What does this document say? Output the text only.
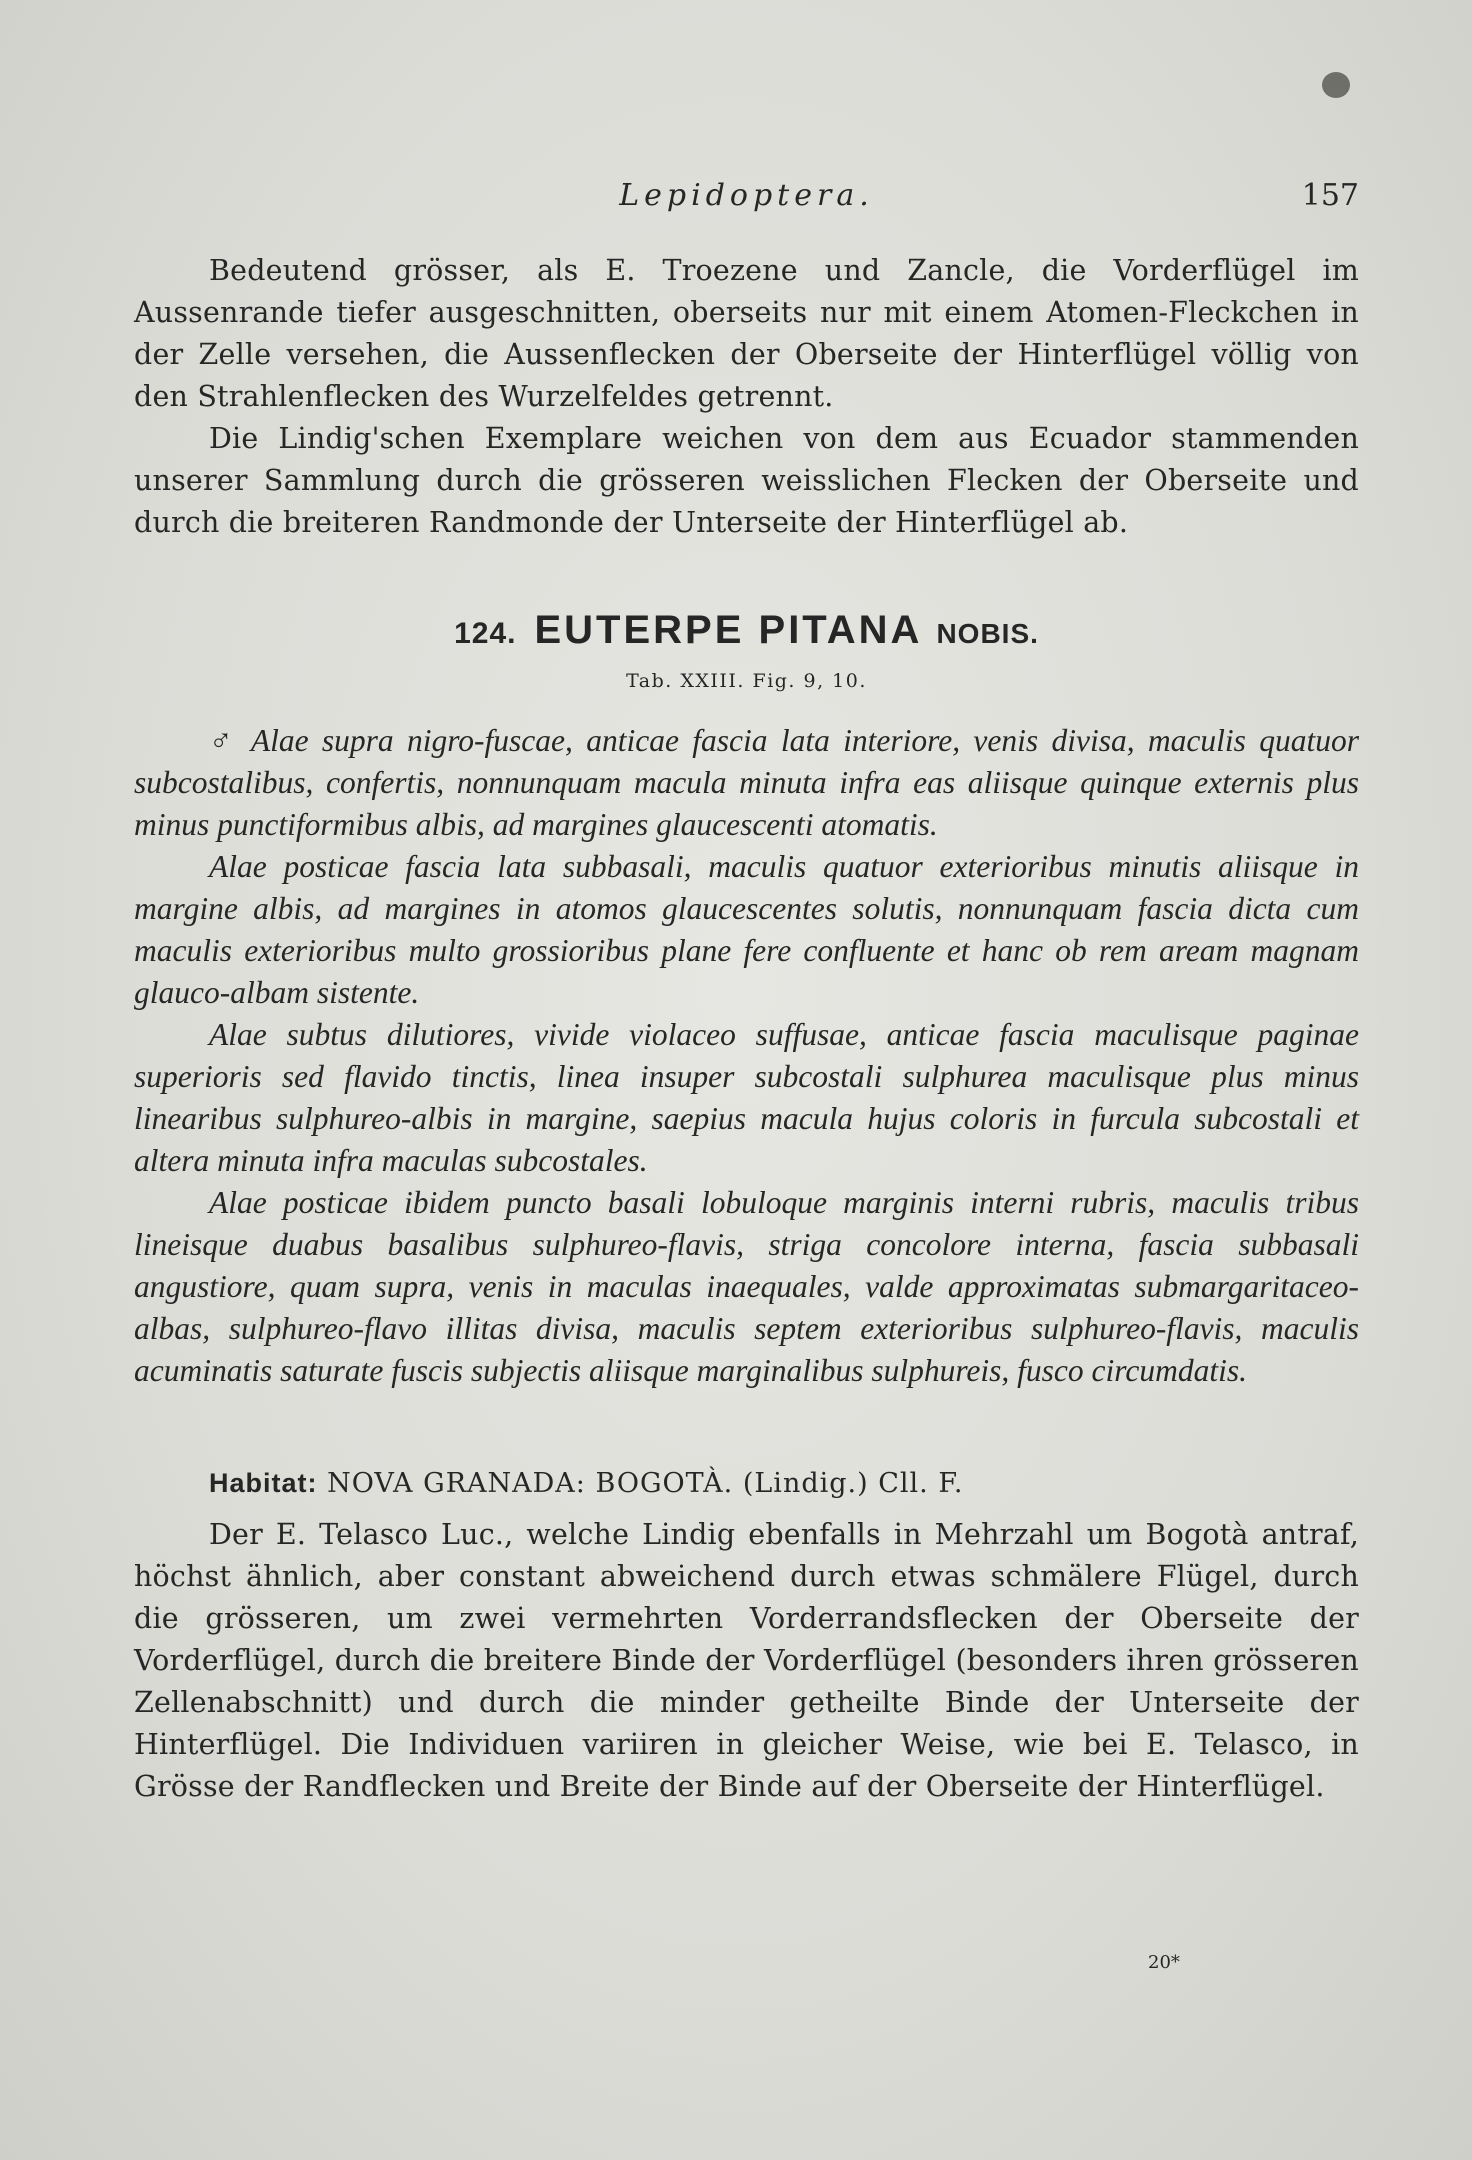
Lepidoptera.	157

Bedeutend grösser, als E. Troezene und Zancle, die Vorderflügel im Aussenrande tiefer ausgeschnitten, oberseits nur mit einem Atomen-Fleckchen in der Zelle versehen, die Aussenflecken der Oberseite der Hinterflügel völlig von den Strahlenflecken des Wurzelfeldes getrennt.

Die Lindig'schen Exemplare weichen von dem aus Ecuador stammenden unserer Sammlung durch die grösseren weisslichen Flecken der Oberseite und durch die breiteren Randmonde der Unterseite der Hinterflügel ab.

124. EUTERPE PITANA NOBIS.
Tab. XXIII. Fig. 9, 10.

♂ Alae supra nigro-fuscae, anticae fascia lata interiore, venis divisa, maculis quatuor subcostalibus, confertis, nonnunquam macula minuta infra eas aliisque quinque externis plus minus punctiformibus albis, ad margines glaucescenti atomatis.

Alae posticae fascia lata subbasali, maculis quatuor exterioribus minutis aliisque in margine albis, ad margines in atomos glaucescentes solutis, nonnunquam fascia dicta cum maculis exterioribus multo grossioribus plane fere confluente et hanc ob rem aream magnam glauco-albam sistente.

Alae subtus dilutiores, vivide violaceo suffusae, anticae fascia maculisque paginae superioris sed flavido tinctis, linea insuper subcostali sulphurea maculisque plus minus linearibus sulphureo-albis in margine, saepius macula hujus coloris in furcula subcostali et altera minuta infra maculas subcostales.

Alae posticae ibidem puncto basali lobuloque marginis interni rubris, maculis tribus lineisque duabus basalibus sulphureo-flavis, striga concolore interna, fascia subbasali angustiore, quam supra, venis in maculas inaequales, valde approximatas submargaritaceo-albas, sulphureo-flavo illitas divisa, maculis septem exterioribus sulphureo-flavis, maculis acuminatis saturate fuscis subjectis aliisque marginalibus sulphureis, fusco circumdatis.

Habitat: NOVA GRANADA: BOGOTÀ. (Lindig.) Cll. F.

Der E. Telasco Luc., welche Lindig ebenfalls in Mehrzahl um Bogotà antraf, höchst ähnlich, aber constant abweichend durch etwas schmälere Flügel, durch die grösseren, um zwei vermehrten Vorderrandsflecken der Oberseite der Vorderflügel, durch die breitere Binde der Vorderflügel (besonders ihren grösseren Zellenabschnitt) und durch die minder getheilte Binde der Unterseite der Hinterflügel. Die Individuen variiren in gleicher Weise, wie bei E. Telasco, in Grösse der Randflecken und Breite der Binde auf der Oberseite der Hinterflügel.

20*
